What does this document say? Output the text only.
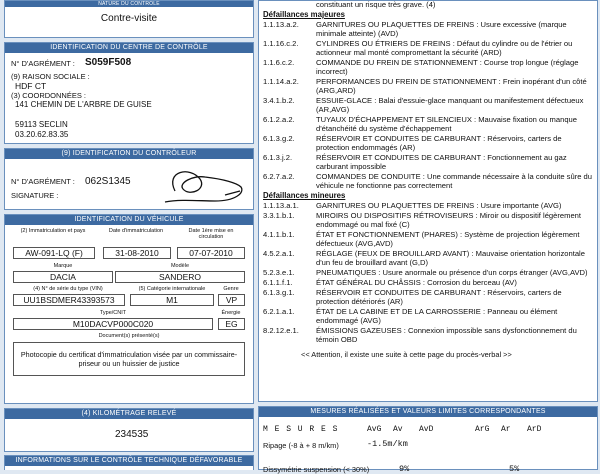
NATURE DU CONTRÔLE
Contre-visite
IDENTIFICATION DU CENTRE DE CONTRÔLE
N° D'AGRÉMENT : S059F508
(9) RAISON SOCIALE :
HDF CT
(3) COORDONNÉES :
141 CHEMIN DE L'ARBRE DE GUISE
59113 SECLIN
03.20.62.83.35
(9) IDENTIFICATION DU CONTRÔLEUR
N° D'AGRÉMENT : 062S1345
SIGNATURE :
IDENTIFICATION DU VÉHICULE
(2) Immatriculation et pays	Date d'immatriculation	Date 1ère mise en circulation
AW-091-LQ (F)	31-08-2010	07-07-2010
Marque	Modèle
DACIA	SANDERO
(4) N° de série du type (VIN)	(5) Catégorie internationale	Genre
UU1BSDMER43393573	M1	VP
Type/CNIT	Énergie
M10DACVP000C020	EG
Document(s) présenté(s)
Photocopie du certificat d'immatriculation visée par un commissaire-priseur ou un huissier de justice
(4) KILOMÉTRAGE RELEVÉ
234535
INFORMATIONS SUR LE CONTRÔLE TECHNIQUE DÉFAVORABLE
constituant un risque très grave. (4)
Défaillances majeures
1.1.13.a.2.	GARNITURES OU PLAQUETTES DE FREINS : Usure excessive (marque minimale atteinte) (AVD)
1.1.16.c.2.	CYLINDRES OU ÉTRIERS DE FREINS : Défaut du cylindre ou de l'étrier ou actionneur mal monté compromettant la sécurité (ARD)
1.1.6.c.2.	COMMANDE DU FREIN DE STATIONNEMENT : Course trop longue (réglage incorrect)
1.1.14.a.2.	PERFORMANCES DU FREIN DE STATIONNEMENT : Frein inopérant d'un côté (ARG,ARD)
3.4.1.b.2.	ESSUIE-GLACE : Balai d'essuie-glace manquant ou manifestement défectueux (AR,AVG)
6.1.2.a.2.	TUYAUX D'ÉCHAPPEMENT ET SILENCIEUX : Mauvaise fixation ou manque d'étanchéité du système d'échappement
6.1.3.g.2.	RÉSERVOIR ET CONDUITES DE CARBURANT : Réservoirs, carters de protection endommagés (AR)
6.1.3.j.2.	RÉSERVOIR ET CONDUITES DE CARBURANT : Fonctionnement au gaz carburant impossible
6.2.7.a.2.	COMMANDES DE CONDUITE : Une commande nécessaire à la conduite sûre du véhicule ne fonctionne pas correctement
Défaillances mineures
1.1.13.a.1.	GARNITURES OU PLAQUETTES DE FREINS : Usure importante (AVG)
3.3.1.b.1.	MIROIRS OU DISPOSITIFS RÉTROVISEURS : Miroir ou dispositif légèrement endommagé ou mal fixé (C)
4.1.1.b.1.	ÉTAT ET FONCTIONNEMENT (PHARES) : Système de projection légèrement défectueux (AVG,AVD)
4.5.2.a.1.	RÉGLAGE (FEUX DE BROUILLARD AVANT) : Mauvaise orientation horizontale d'un feu de brouillard avant (G,D)
5.2.3.e.1.	PNEUMATIQUES : Usure anormale ou présence d'un corps étranger (AVG,AVD)
6.1.1.f.1.	ÉTAT GÉNÉRAL DU CHÂSSIS : Corrosion du berceau (AV)
6.1.3.g.1.	RÉSERVOIR ET CONDUITES DE CARBURANT : Réservoirs, carters de protection détériorés (AR)
6.2.1.a.1.	ÉTAT DE LA CABINE ET DE LA CARROSSERIE : Panneau ou élément endommagé (AVG)
8.2.12.e.1.	ÉMISSIONS GAZEUSES : Connexion impossible sans dysfonctionnement du témoin OBD
<< Attention, il existe une suite à cette page du procès-verbal >>
MESURES RÉALISÉES ET VALEURS LIMITES CORRESPONDANTES
M E S U R E S	AvG Av AvD	ArG Ar ArD
Ripage (-8 à + 8 m/km)	-1.5m/km
Dissymétrie suspension (< 30%)	9%	5%
